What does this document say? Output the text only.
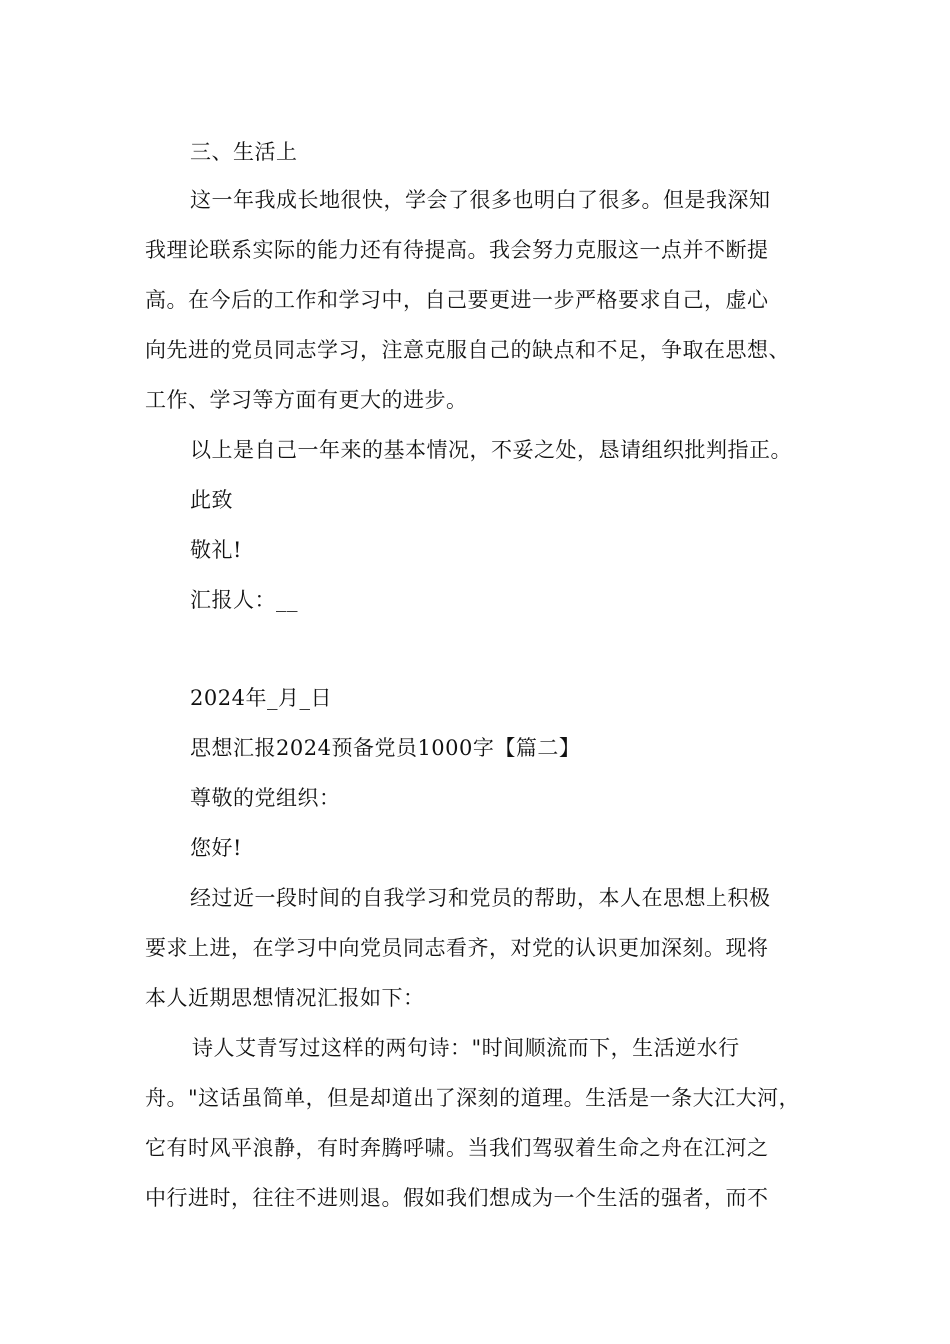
三、生活上
这一年我成长地很快，学会了很多也明白了很多。但是我深知
我理论联系实际的能力还有待提高。我会努力克服这一点并不断提
高。在今后的工作和学习中，自己要更进一步严格要求自己，虚心
向先进的党员同志学习，注意克服自己的缺点和不足，争取在思想、
工作、学习等方面有更大的进步。
以上是自己一年来的基本情况，不妥之处，恳请组织批判指正。
此致
敬礼!
汇报人：__
2024年_月_日
思想汇报2024预备党员1000字【篇二】
尊敬的党组织：
您好!
经过近一段时间的自我学习和党员的帮助，本人在思想上积极
要求上进，在学习中向党员同志看齐，对党的认识更加深刻。现将
本人近期思想情况汇报如下：
诗人艾青写过这样的两句诗："时间顺流而下，生活逆水行
舟。"这话虽简单，但是却道出了深刻的道理。生活是一条大江大河，
它有时风平浪静，有时奔腾呼啸。当我们驾驭着生命之舟在江河之
中行进时，往往不进则退。假如我们想成为一个生活的强者，而不
